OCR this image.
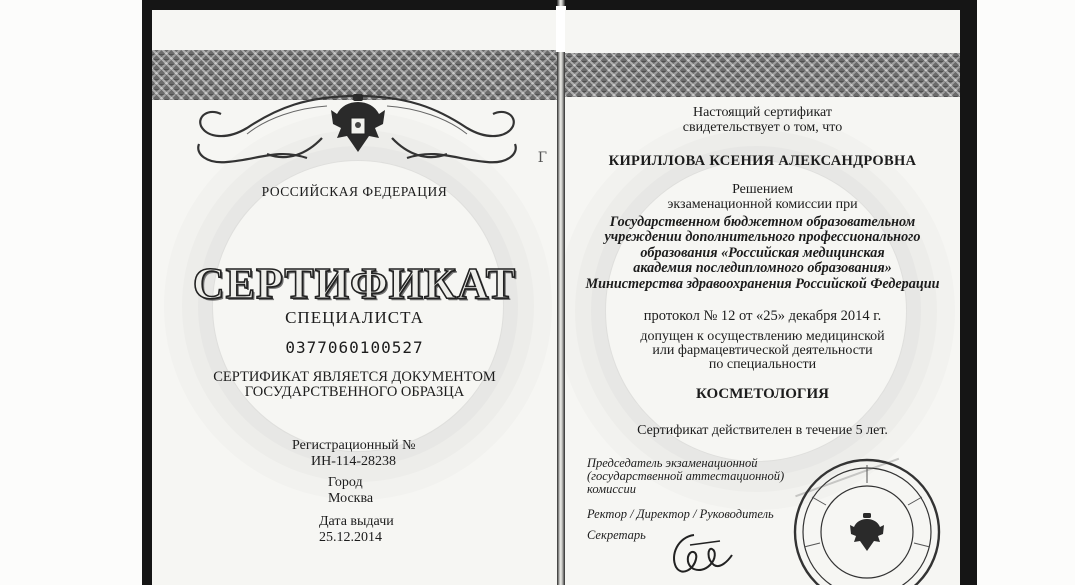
РОССИЙСКАЯ ФЕДЕРАЦИЯ
СЕРТИФИКАТ
СПЕЦИАЛИСТА
0377060100527
СЕРТИФИКАТ ЯВЛЯЕТСЯ ДОКУМЕНТОМ
ГОСУДАРСТВЕННОГО ОБРАЗЦА
Регистрационный №
ИН-114-28238
Город
Москва
Дата выдачи
25.12.2014
Г
Настоящий сертификат
свидетельствует о том, что
КИРИЛЛОВА КСЕНИЯ АЛЕКСАНДРОВНА
Решением
экзаменационной комиссии при
Государственном бюджетном образовательном
учреждении дополнительного профессионального
образования «Российская медицинская
академия последипломного образования»
Министерства здравоохранения Российской Федерации
протокол № 12 от «25» декабря 2014 г.
допущен к осуществлению медицинской
или фармацевтической деятельности
по специальности
КОСМЕТОЛОГИЯ
Сертификат действителен в течение 5 лет.
Председатель экзаменационной
(государственной аттестационной)
комиссии
Ректор / Директор / Руководитель
Секретарь
